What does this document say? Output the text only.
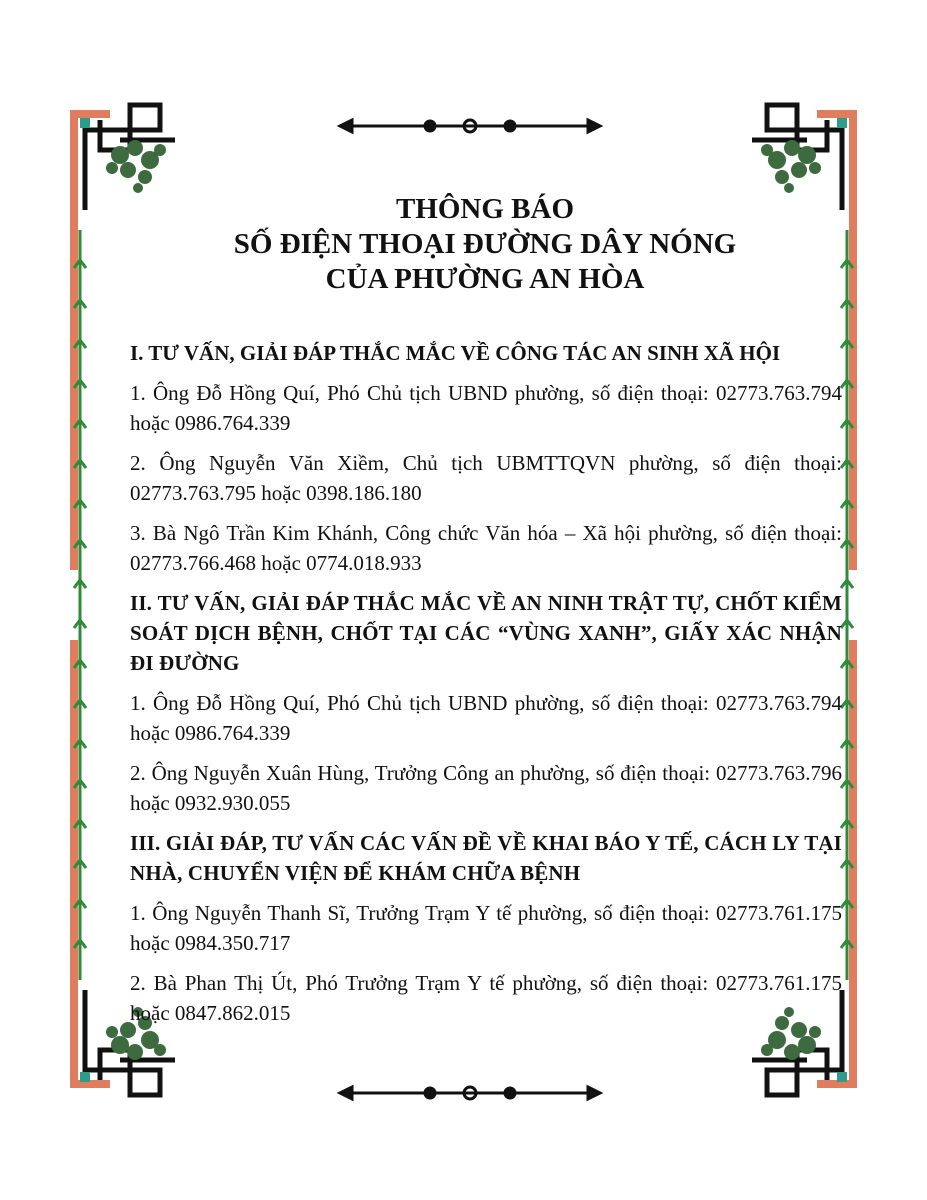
THÔNG BÁO
SỐ ĐIỆN THOẠI ĐƯỜNG DÂY NÓNG
CỦA PHƯỜNG AN HÒA

I. TƯ VẤN, GIẢI ĐÁP THẮC MẮC VỀ CÔNG TÁC AN SINH XÃ HỘI

1. Ông Đỗ Hồng Quí, Phó Chủ tịch UBND phường, số điện thoại: 02773.763.794 hoặc 0986.764.339

2. Ông Nguyễn Văn Xiềm, Chủ tịch UBMTTQVN phường, số điện thoại: 02773.763.795 hoặc 0398.186.180

3. Bà Ngô Trần Kim Khánh, Công chức Văn hóa – Xã hội phường, số điện thoại: 02773.766.468 hoặc 0774.018.933

II. TƯ VẤN, GIẢI ĐÁP THẮC MẮC VỀ AN NINH TRẬT TỰ, CHỐT KIỂM SOÁT DỊCH BỆNH, CHỐT TẠI CÁC “VÙNG XANH”, GIẤY XÁC NHẬN ĐI ĐƯỜNG

1. Ông Đỗ Hồng Quí, Phó Chủ tịch UBND phường, số điện thoại: 02773.763.794 hoặc 0986.764.339

2. Ông Nguyễn Xuân Hùng, Trưởng Công an phường, số điện thoại: 02773.763.796 hoặc 0932.930.055

III. GIẢI ĐÁP, TƯ VẤN CÁC VẤN ĐỀ VỀ KHAI BÁO Y TẾ, CÁCH LY TẠI NHÀ, CHUYỂN VIỆN ĐỂ KHÁM CHỮA BỆNH

1. Ông Nguyễn Thanh Sĩ, Trưởng Trạm Y tế phường, số điện thoại: 02773.761.175 hoặc 0984.350.717

2. Bà Phan Thị Út, Phó Trưởng Trạm Y tế phường, số điện thoại: 02773.761.175 hoặc 0847.862.015
